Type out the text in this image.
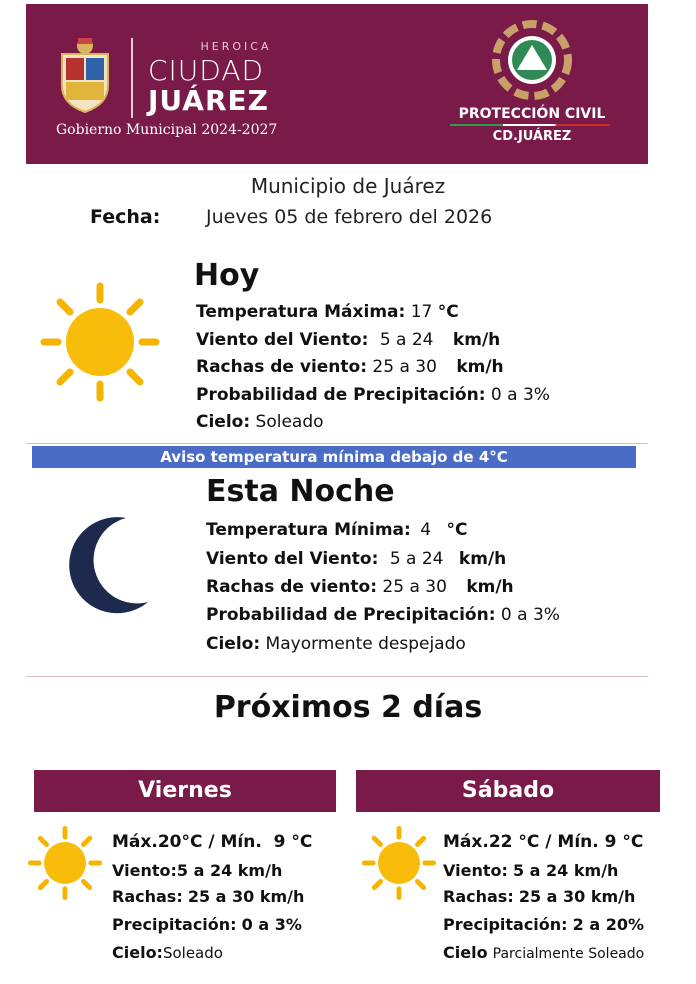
HEROICA
CIUDAD
JUÁREZ
Gobierno Municipal 2024-2027
PROTECCIÓN CIVIL
CD.JUÁREZ
Municipio de Juárez
Fecha: Jueves 05 de febrero del 2026
Hoy
Temperatura Máxima: 17 °C
Viento del Viento: 5 a 24 km/h
Rachas de viento: 25 a 30 km/h
Probabilidad de Precipitación: 0 a 3%
Cielo: Soleado
Aviso temperatura mínima debajo de 4°C
Esta Noche
Temperatura Mínima: 4 °C
Viento del Viento: 5 a 24 km/h
Rachas de viento: 25 a 30 km/h
Probabilidad de Precipitación: 0 a 3%
Cielo: Mayormente despejado
Próximos 2 días
Viernes
Máx.20°C / Mín. 9 °C
Viento:5 a 24 km/h
Rachas: 25 a 30 km/h
Precipitación: 0 a 3%
Cielo:Soleado
Sábado
Máx.22 °C / Mín. 9 °C
Viento: 5 a 24 km/h
Rachas: 25 a 30 km/h
Precipitación: 2 a 20%
Cielo Parcialmente Soleado
